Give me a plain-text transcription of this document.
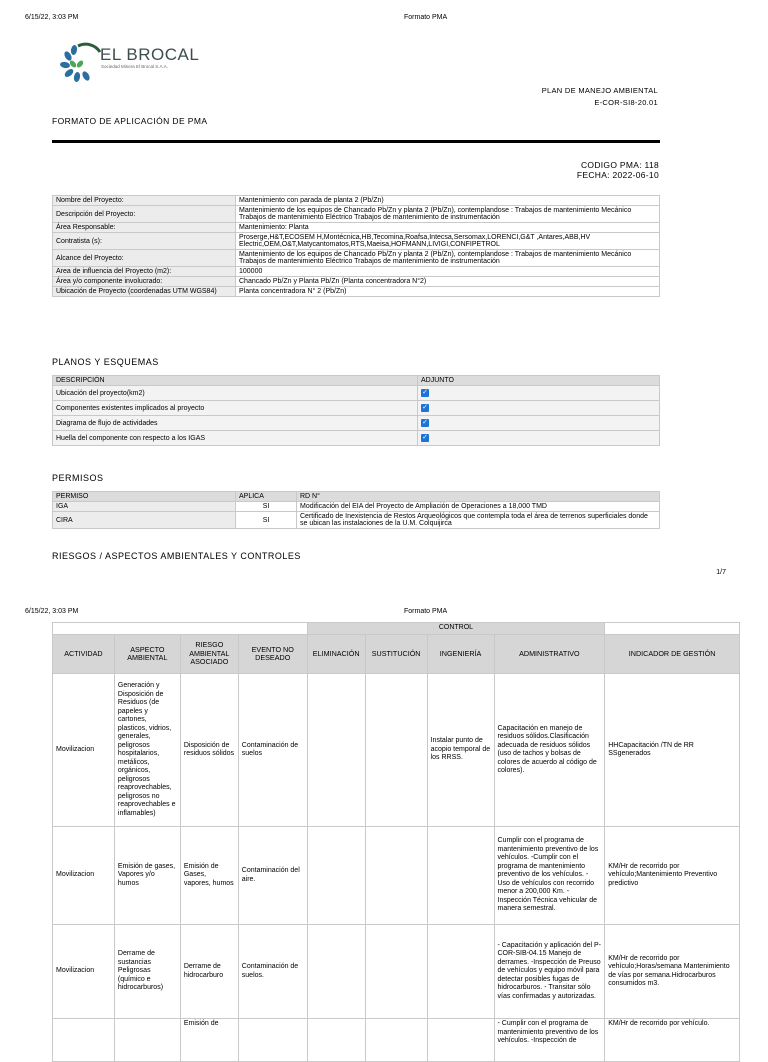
6/15/22, 3:03 PM	Formato PMA
EL BROCAL
Sociedad Minera El Brocal S.A.A.
PLAN DE MANEJO AMBIENTAL
E-COR-SI8-20.01
FORMATO DE APLICACIÓN DE PMA
CODIGO PMA: 118
FECHA: 2022-06-10
Nombre del Proyecto:	Mantenimiento con parada de planta 2 (Pb/Zn)
Descripción del Proyecto:	Mantenimiento de los equipos de Chancado Pb/Zn y planta 2 (Pb/Zn), contemplandose : Trabajos de mantenimiento Mecánico Trabajos de mantenimiento Eléctrico Trabajos de mantenimiento de instrumentación
Área Responsable:	Mantenimiento: Planta
Contratista (s):	Proserge,H&T,ECOSEM H,Montécnica,HB,Tecomina,Roafsa,Intecsa,Sersomax,LORENCI,G&T ,Antares,ABB,HV Electric,OEM,O&T,Matycantomatos,RTS,Maeisa,HOFMANN,LIVIGI,CONFIPETROL
Alcance del Proyecto:	Mantenimiento de los equipos de Chancado Pb/Zn y planta 2 (Pb/Zn), contemplandose : Trabajos de mantenimiento Mecánico Trabajos de mantenimiento Eléctrico Trabajos de mantenimiento de instrumentación
Area de influencia del Proyecto (m2):	100000
Área y/o componente involucrado:	Chancado Pb/Zn y Planta Pb/Zn (Planta concentradora N°2)
Ubicación de Proyecto (coordenadas UTM WGS84)	Planta concentradora N° 2 (Pb/Zn)
PLANOS Y ESQUEMAS
DESCRIPCIÓN	ADJUNTO
Ubicación del proyecto(km2)	✓
Componentes existentes implicados al proyecto	✓
Diagrama de flujo de actividades	✓
Huella del componente con respecto a los IGAS	✓
PERMISOS
PERMISO	APLICA	RD N°
IGA	SI	Modificación del EIA del Proyecto de Ampliación de Operaciones a 18,000 TMD
CIRA	SI	Certificado de Inexistencia de Restos Arqueológicos que contempla toda el área de terrenos superficiales donde se ubican las instalaciones de la U.M. Colquijirca
RIESGOS / ASPECTOS AMBIENTALES Y CONTROLES
1/7
6/15/22, 3:03 PM	Formato PMA
				CONTROL				
ACTIVIDAD	ASPECTO AMBIENTAL	RIESGO AMBIENTAL ASOCIADO	EVENTO NO DESEADO	ELIMINACIÓN	SUSTITUCIÓN	INGENIERÍA	ADMINISTRATIVO	INDICADOR DE GESTIÓN
Movilizacion	Generación y Disposición de Residuos (de papeles y cartones, plasticos, vidrios, generales, peligrosos hospitalarios, metálicos, orgánicos, peligrosos reaprovechables, peligrosos no reaprovechables e inflamables)	Disposición de residuos sólidos	Contaminación de suelos			Instalar punto de acopio temporal de los RRSS.	Capacitación en manejo de residuos sólidos.Clasificación adecuada de residuos sólidos (uso de tachos y bolsas de colores de acuerdo al código de colores).	HHCapacitación /TN de RR SSgenerados
Movilizacion	Emisión de gases, Vapores y/o humos	Emisión de Gases, vapores, humos	Contaminación del aire.				Cumplir con el programa de mantenimiento preventivo de los vehículos. -Cumplir con el programa de mantenimiento preventivo de los vehículos. - Uso de vehículos con recorrido menor a 200,000 Km. -Inspección Técnica vehicular de manera semestral.	KM/Hr de recorrido por vehículo;Mantenimiento Preventivo predictivo
Movilizacion	Derrame de sustancias Peligrosas (químico e hidrocarburos)	Derrame de hidrocarburo	Contaminación de suelos.				- Capacitación y aplicación del P-COR-SIB-04.15 Manejo de derrames. -Inspección de Preuso de vehículos y equipo móvil para detectar posibles fugas de hidrocarburos. - Transitar sólo vías confirmadas y autorizadas.	KM/Hr de recorrido por vehículo;Horas/semana Mantenimiento de vías por semana.Hidrocarburos consumidos m3.
		Emisión de					- Cumplir con el programa de mantenimiento preventivo de los vehículos. -Inspección de	KM/Hr de recorrido por vehículo.
